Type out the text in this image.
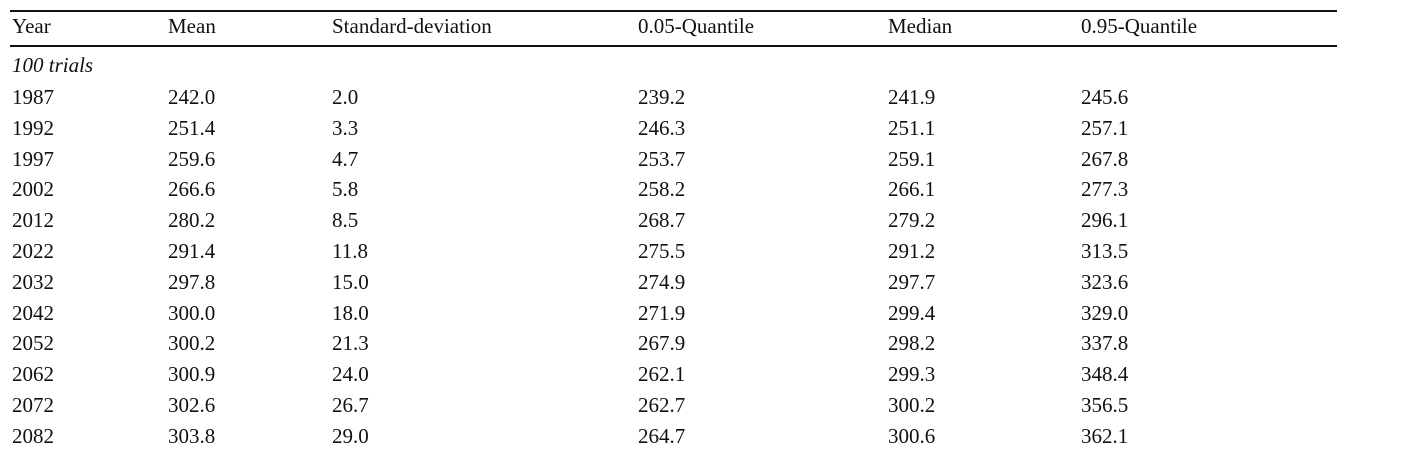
Year	Mean	Standard-deviation	0.05-Quantile	Median	0.95-Quantile
100 trials
1987	242.0	2.0	239.2	241.9	245.6
1992	251.4	3.3	246.3	251.1	257.1
1997	259.6	4.7	253.7	259.1	267.8
2002	266.6	5.8	258.2	266.1	277.3
2012	280.2	8.5	268.7	279.2	296.1
2022	291.4	11.8	275.5	291.2	313.5
2032	297.8	15.0	274.9	297.7	323.6
2042	300.0	18.0	271.9	299.4	329.0
2052	300.2	21.3	267.9	298.2	337.8
2062	300.9	24.0	262.1	299.3	348.4
2072	302.6	26.7	262.7	300.2	356.5
2082	303.8	29.0	264.7	300.6	362.1
